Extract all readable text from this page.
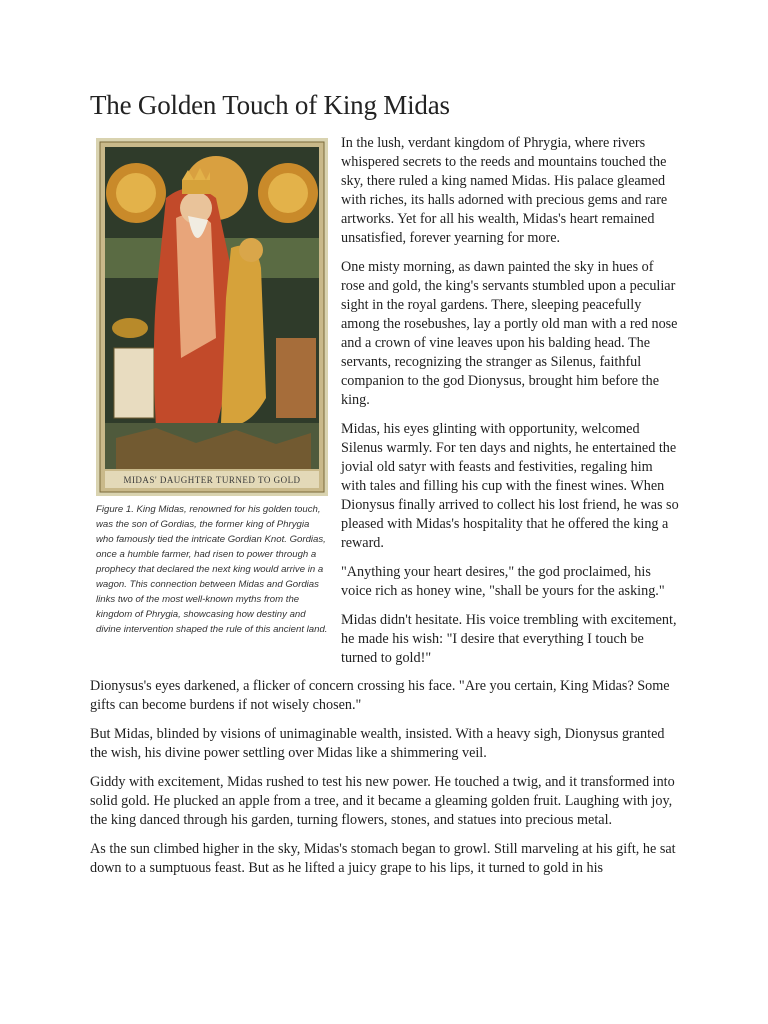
The Golden Touch of King Midas
MIDAS' DAUGHTER TURNED TO GOLD
Figure 1. King Midas, renowned for his golden touch, was the son of Gordias, the former king of Phrygia who famously tied the intricate Gordian Knot. Gordias, once a humble farmer, had risen to power through a prophecy that declared the next king would arrive in a wagon. This connection between Midas and Gordias links two of the most well-known myths from the kingdom of Phrygia, showcasing how destiny and divine intervention shaped the rule of this ancient land.

In the lush, verdant kingdom of Phrygia, where rivers whispered secrets to the reeds and mountains touched the sky, there ruled a king named Midas. His palace gleamed with riches, its halls adorned with precious gems and rare artworks. Yet for all his wealth, Midas's heart remained unsatisfied, forever yearning for more.

One misty morning, as dawn painted the sky in hues of rose and gold, the king's servants stumbled upon a peculiar sight in the royal gardens. There, sleeping peacefully among the rosebushes, lay a portly old man with a red nose and a crown of vine leaves upon his balding head. The servants, recognizing the stranger as Silenus, faithful companion to the god Dionysus, brought him before the king.

Midas, his eyes glinting with opportunity, welcomed Silenus warmly. For ten days and nights, he entertained the jovial old satyr with feasts and festivities, regaling him with tales and filling his cup with the finest wines. When Dionysus finally arrived to collect his lost friend, he was so pleased with Midas's hospitality that he offered the king a reward.

"Anything your heart desires," the god proclaimed, his voice rich as honey wine, "shall be yours for the asking."

Midas didn't hesitate. His voice trembling with excitement, he made his wish: "I desire that everything I touch be turned to gold!"

Dionysus's eyes darkened, a flicker of concern crossing his face. "Are you certain, King Midas? Some gifts can become burdens if not wisely chosen."

But Midas, blinded by visions of unimaginable wealth, insisted. With a heavy sigh, Dionysus granted the wish, his divine power settling over Midas like a shimmering veil.

Giddy with excitement, Midas rushed to test his new power. He touched a twig, and it transformed into solid gold. He plucked an apple from a tree, and it became a gleaming golden fruit. Laughing with joy, the king danced through his garden, turning flowers, stones, and statues into precious metal.

As the sun climbed higher in the sky, Midas's stomach began to growl. Still marveling at his gift, he sat down to a sumptuous feast. But as he lifted a juicy grape to his lips, it turned to gold in his
